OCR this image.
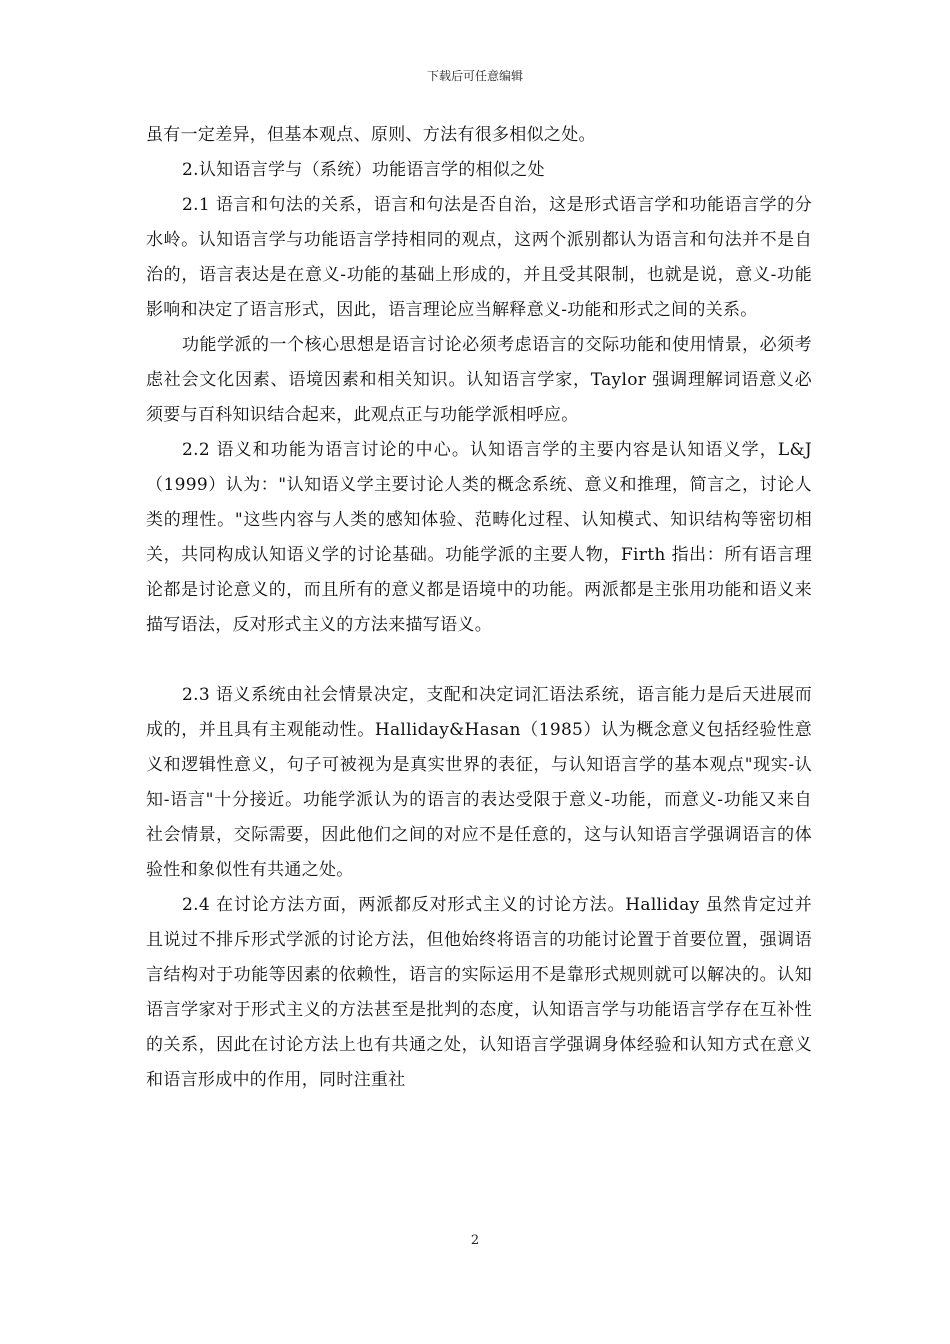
下载后可任意编辑

虽有一定差异，但基本观点、原则、方法有很多相似之处。

2.认知语言学与（系统）功能语言学的相似之处

2.1 语言和句法的关系，语言和句法是否自治，这是形式语言学和功能语言学的分水岭。认知语言学与功能语言学持相同的观点，这两个派别都认为语言和句法并不是自治的，语言表达是在意义-功能的基础上形成的，并且受其限制，也就是说，意义-功能影响和决定了语言形式，因此，语言理论应当解释意义-功能和形式之间的关系。

功能学派的一个核心思想是语言讨论必须考虑语言的交际功能和使用情景，必须考虑社会文化因素、语境因素和相关知识。认知语言学家，Taylor 强调理解词语意义必须要与百科知识结合起来，此观点正与功能学派相呼应。

2.2 语义和功能为语言讨论的中心。认知语言学的主要内容是认知语义学，L&J（1999）认为："认知语义学主要讨论人类的概念系统、意义和推理，简言之，讨论人类的理性。"这些内容与人类的感知体验、范畴化过程、认知模式、知识结构等密切相关，共同构成认知语义学的讨论基础。功能学派的主要人物，Firth 指出：所有语言理论都是讨论意义的，而且所有的意义都是语境中的功能。两派都是主张用功能和语义来描写语法，反对形式主义的方法来描写语义。

2.3 语义系统由社会情景决定，支配和决定词汇语法系统，语言能力是后天进展而成的，并且具有主观能动性。Halliday&Hasan（1985）认为概念意义包括经验性意义和逻辑性意义，句子可被视为是真实世界的表征，与认知语言学的基本观点"现实-认知-语言"十分接近。功能学派认为的语言的表达受限于意义-功能，而意义-功能又来自社会情景，交际需要，因此他们之间的对应不是任意的，这与认知语言学强调语言的体验性和象似性有共通之处。

2.4 在讨论方法方面，两派都反对形式主义的讨论方法。Halliday 虽然肯定过并且说过不排斥形式学派的讨论方法，但他始终将语言的功能讨论置于首要位置，强调语言结构对于功能等因素的依赖性，语言的实际运用不是靠形式规则就可以解决的。认知语言学家对于形式主义的方法甚至是批判的态度，认知语言学与功能语言学存在互补性的关系，因此在讨论方法上也有共通之处，认知语言学强调身体经验和认知方式在意义和语言形成中的作用，同时注重社

2
